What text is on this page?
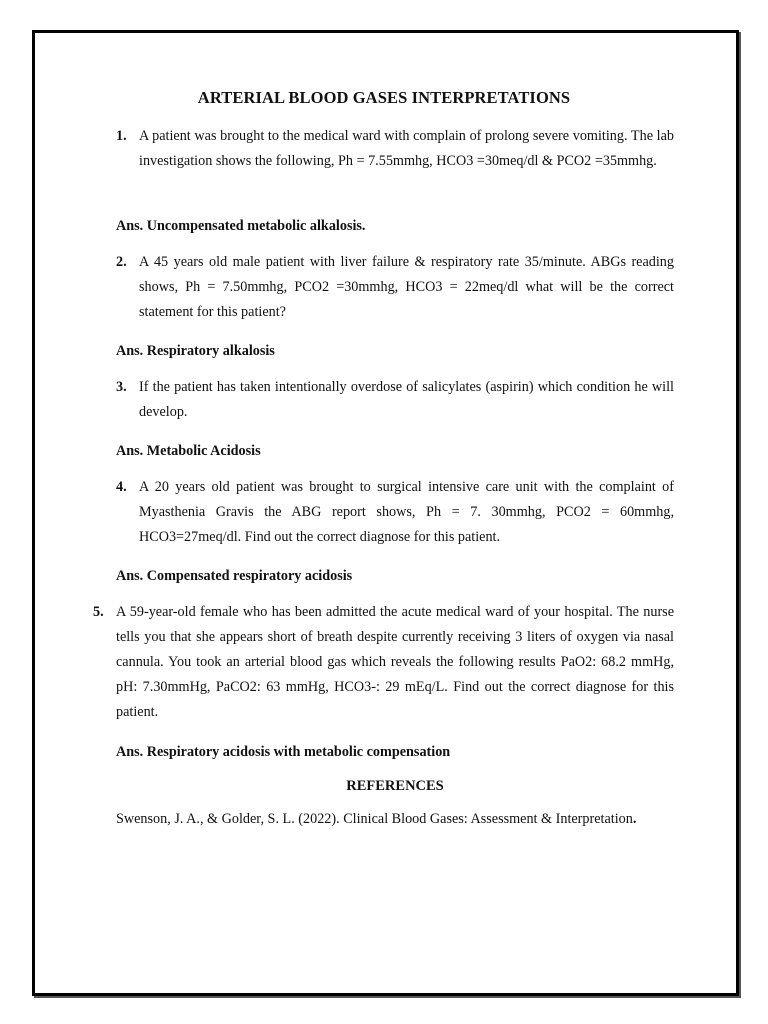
ARTERIAL BLOOD GASES INTERPRETATIONS
1. A patient was brought to the medical ward with complain of prolong severe vomiting. The lab investigation shows the following, Ph = 7.55mmhg, HCO3 =30meq/dl & PCO2 =35mmhg.
Ans. Uncompensated metabolic alkalosis.
2. A 45 years old male patient with liver failure & respiratory rate 35/minute. ABGs reading shows, Ph = 7.50mmhg, PCO2 =30mmhg, HCO3 = 22meq/dl what will be the correct statement for this patient?
Ans. Respiratory alkalosis
3. If the patient has taken intentionally overdose of salicylates (aspirin) which condition he will develop.
Ans. Metabolic Acidosis
4. A 20 years old patient was brought to surgical intensive care unit with the complaint of Myasthenia Gravis the ABG report shows, Ph = 7. 30mmhg, PCO2 = 60mmhg, HCO3=27meq/dl. Find out the correct diagnose for this patient.
Ans. Compensated respiratory acidosis
5. A 59-year-old female who has been admitted the acute medical ward of your hospital. The nurse tells you that she appears short of breath despite currently receiving 3 liters of oxygen via nasal cannula. You took an arterial blood gas which reveals the following results PaO2: 68.2 mmHg, pH: 7.30mmHg, PaCO2: 63 mmHg, HCO3-: 29 mEq/L. Find out the correct diagnose for this patient.
Ans. Respiratory acidosis with metabolic compensation
REFERENCES
Swenson, J. A., & Golder, S. L. (2022). Clinical Blood Gases: Assessment & Interpretation.
